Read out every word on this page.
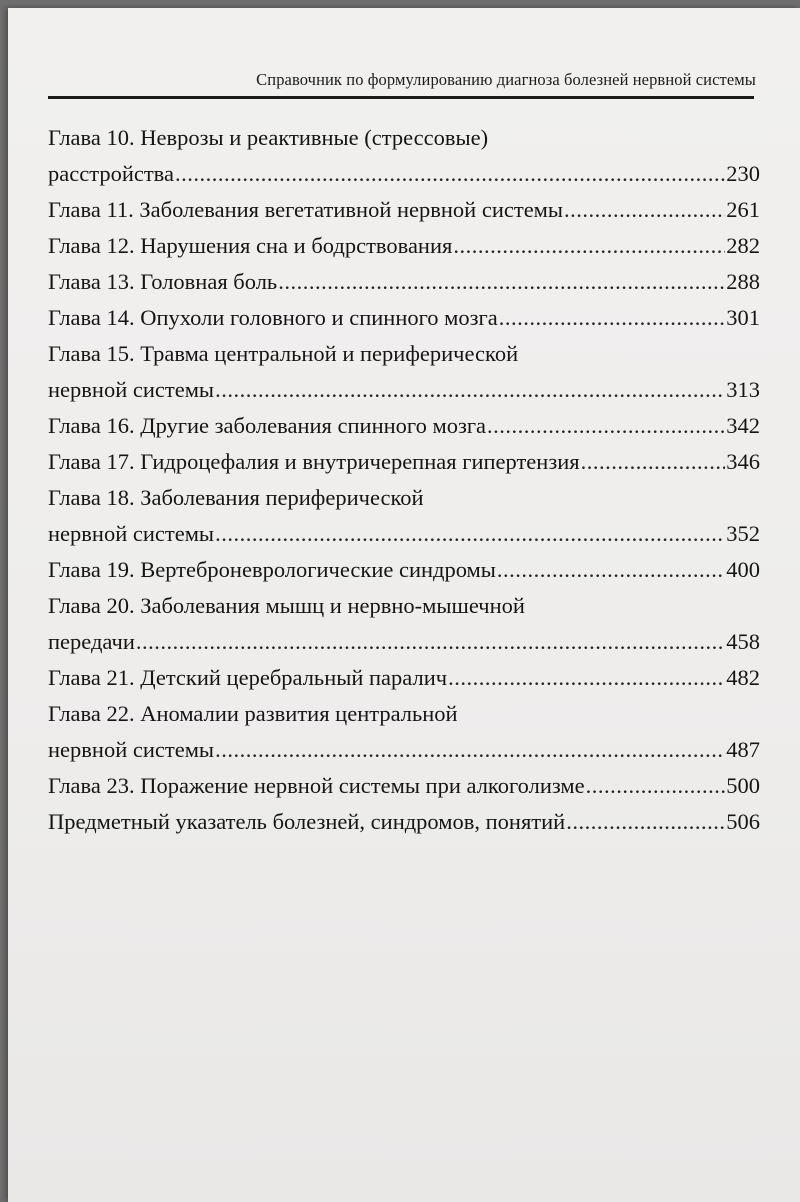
Справочник по формулированию диагноза болезней нервной системы
Глава 10. Неврозы и реактивные (стрессовые)
расстройства .....	230
Глава 11. Заболевания вегетативной нервной системы .....	261
Глава 12. Нарушения сна и бодрствования .....	282
Глава 13. Головная боль .....	288
Глава 14. Опухоли головного и спинного мозга .....	301
Глава 15. Травма центральной и периферической
нервной системы .....	313
Глава 16. Другие заболевания спинного мозга .....	342
Глава 17. Гидроцефалия и внутричерепная гипертензия .....	346
Глава 18. Заболевания периферической
нервной системы .....	352
Глава 19. Вертеброневрологические синдромы .....	400
Глава 20. Заболевания мышц и нервно-мышечной
передачи .....	458
Глава 21. Детский церебральный паралич .....	482
Глава 22. Аномалии развития центральной
нервной системы .....	487
Глава 23. Поражение нервной системы при алкоголизме .....	500
Предметный указатель болезней, синдромов, понятий .....	506
